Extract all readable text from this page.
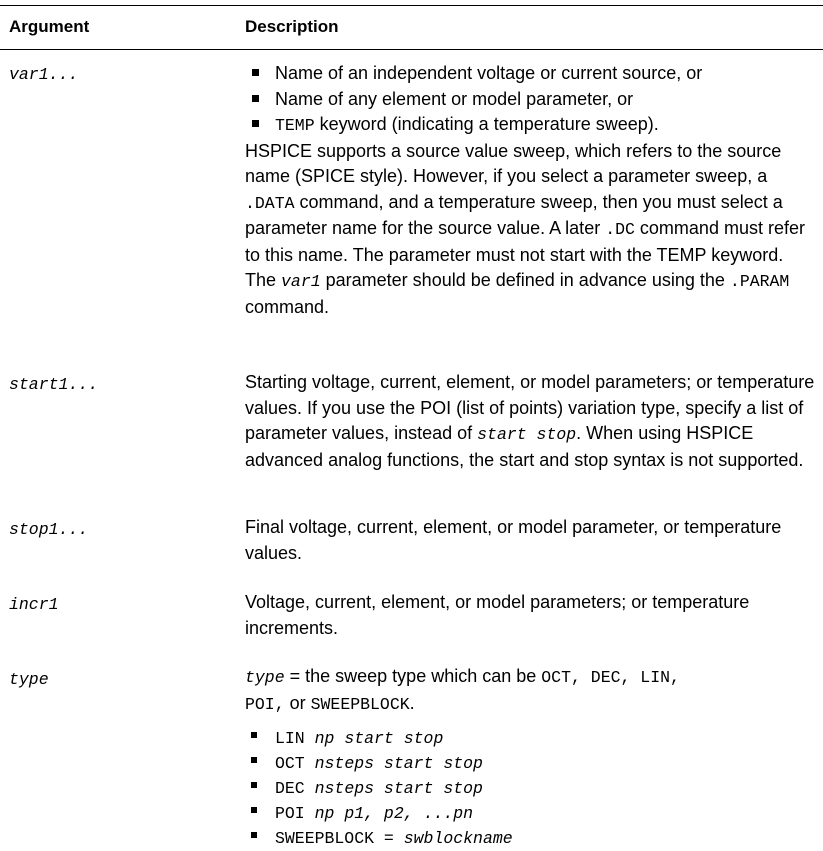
Argument	Description
var1...	Name of an independent voltage or current source, or
Name of any element or model parameter, or
TEMP keyword (indicating a temperature sweep).

HSPICE supports a source value sweep, which refers to the source name (SPICE style). However, if you select a parameter sweep, a .DATA command, and a temperature sweep, then you must select a parameter name for the source value. A later .DC command must refer to this name. The parameter must not start with the TEMP keyword. The var1 parameter should be defined in advance using the .PARAM command.

start1...	Starting voltage, current, element, or model parameters; or temperature values. If you use the POI (list of points) variation type, specify a list of parameter values, instead of start stop. When using HSPICE advanced analog functions, the start and stop syntax is not supported.

stop1...	Final voltage, current, element, or model parameter, or temperature values.
incr1	Voltage, current, element, or model parameters; or temperature increments.
type	type = the sweep type which can be OCT, DEC, LIN,
POI, or SWEEPBLOCK.

LIN np start stop
OCT nsteps start stop
DEC nsteps start stop
POI np p1, p2, ...pn
SWEEPBLOCK = swblockname
